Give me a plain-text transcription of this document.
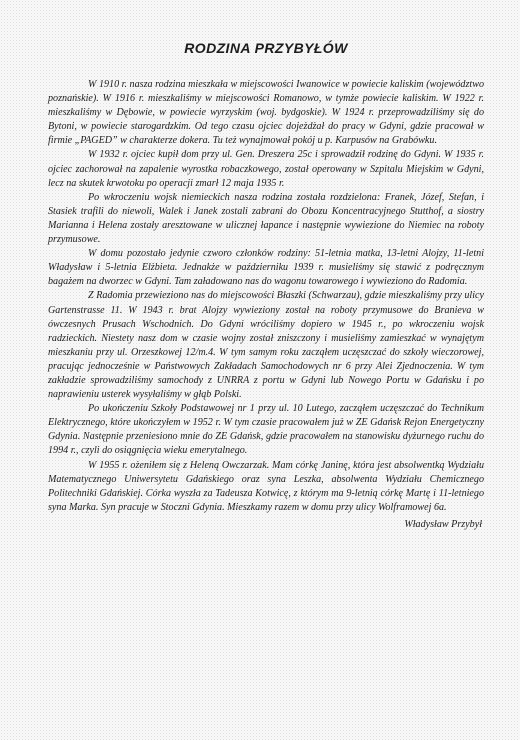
RODZINA PRZYBYŁÓW

W 1910 r. nasza rodzina mieszkała w miejscowości Iwanowice w powiecie kaliskim (województwo poznańskie). W 1916 r. mieszkaliśmy w miejscowości Romanowo, w tymże powiecie kaliskim. W 1922 r. mieszkaliśmy w Dębowie, w powiecie wyrzyskim (woj. bydgoskie). W 1924 r. przeprowadziliśmy się do Bytoni, w powiecie starogardzkim. Od tego czasu ojciec dojeżdżał do pracy w Gdyni, gdzie pracował w firmie „PAGED” w charakterze dokera. Tu też wynajmował pokój u p. Karpusów na Grabówku.

W 1932 r. ojciec kupił dom przy ul. Gen. Dreszera 25c i sprowadził rodzinę do Gdyni. W 1935 r. ojciec zachorował na zapalenie wyrostka robaczkowego, został operowany w Szpitalu Miejskim w Gdyni, lecz na skutek krwotoku po operacji zmarł 12 maja 1935 r.

Po wkroczeniu wojsk niemieckich nasza rodzina została rozdzielona: Franek, Józef, Stefan, i Stasiek trafili do niewoli, Walek i Janek zostali zabrani do Obozu Koncentracyjnego Stutthof, a siostry Marianna i Helena zostały aresztowane w ulicznej łapance i następnie wywiezione do Niemiec na roboty przymusowe.

W domu pozostało jedynie czworo członków rodziny: 51-letnia matka, 13-letni Alojzy, 11-letni Władysław i 5-letnia Elżbieta. Jednakże w październiku 1939 r. musieliśmy się stawić z podręcznym bagażem na dworzec w Gdyni. Tam załadowano nas do wagonu towarowego i wywieziono do Radomia.

Z Radomia przewieziono nas do miejscowości Błaszki (Schwarzau), gdzie mieszkaliśmy przy ulicy Gartenstrasse 11. W 1943 r. brat Alojzy wywieziony został na roboty przymusowe do Branieva w ówczesnych Prusach Wschodnich. Do Gdyni wróciliśmy dopiero w 1945 r., po wkroczeniu wojsk radzieckich. Niestety nasz dom w czasie wojny został zniszczony i musieliśmy zamieszkać w wynajętym mieszkaniu przy ul. Orzeszkowej 12/m.4. W tym samym roku zacząłem uczęszczać do szkoły wieczorowej, pracując jednocześnie w Państwowych Zakładach Samochodowych nr 6 przy Alei Zjednoczenia. W tym zakładzie sprowadziliśmy samochody z UNRRA z portu w Gdyni lub Nowego Portu w Gdańsku i po naprawieniu usterek wysyłaliśmy w głąb Polski.

Po ukończeniu Szkoły Podstawowej nr 1 przy ul. 10 Lutego, zacząłem uczęszczać do Technikum Elektrycznego, które ukończyłem w 1952 r. W tym czasie pracowałem już w ZE Gdańsk Rejon Energetyczny Gdynia. Następnie przeniesiono mnie do ZE Gdańsk, gdzie pracowałem na stanowisku dyżurnego ruchu do 1994 r., czyli do osiągnięcia wieku emerytalnego.

W 1955 r. ożeniłem się z Heleną Owczarzak. Mam córkę Janinę, która jest absolwentką Wydziału Matematycznego Uniwersytetu Gdańskiego oraz syna Leszka, absolwenta Wydziału Chemicznego Politechniki Gdańskiej. Córka wyszła za Tadeusza Kotwicę, z którym ma 9-letnią córkę Martę i 11-letniego syna Marka. Syn pracuje w Stoczni Gdynia. Mieszkamy razem w domu przy ulicy Wolframowej 6a.

Władysław Przybył
